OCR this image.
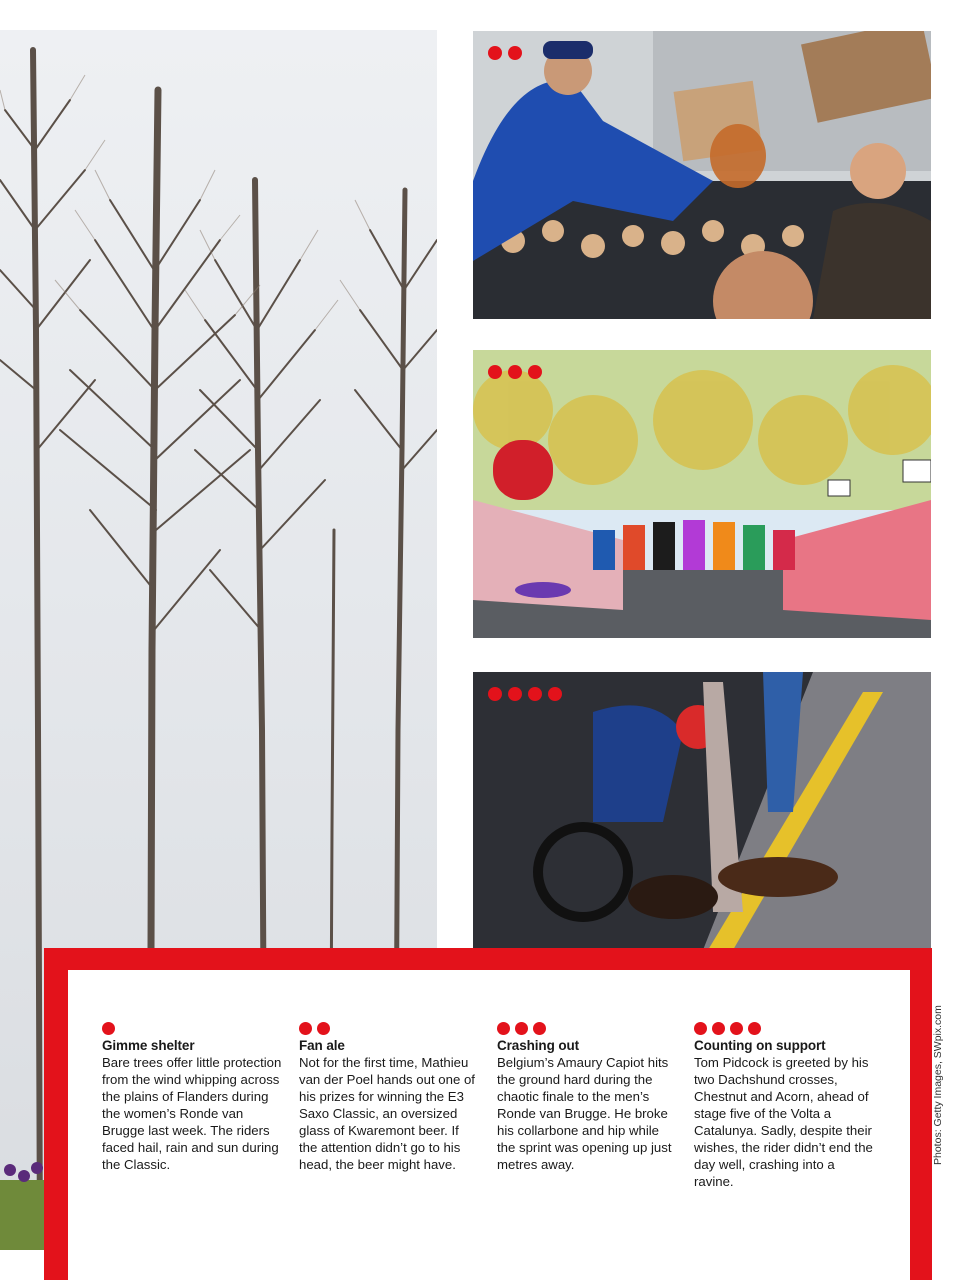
Gimme shelter

Bare trees offer little protection from the wind whipping across the plains of Flanders during the women’s Ronde van Brugge last week. The riders faced hail, rain and sun during the Classic.

Fan ale

Not for the first time, Mathieu van der Poel hands out one of his prizes for winning the E3 Saxo Classic, an oversized glass of Kwaremont beer. If the attention didn’t go to his head, the beer might have.

Crashing out

Belgium’s Amaury Capiot hits the ground hard during the chaotic finale to the men’s Ronde van Brugge. He broke his collarbone and hip while the sprint was opening up just metres away.

Counting on support

Tom Pidcock is greeted by his two Dachshund crosses, Chestnut and Acorn, ahead of stage five of the Volta a Catalunya. Sadly, despite their wishes, the rider didn’t end the day well, crashing into a ravine.

Photos: Getty Images, SWpix.com
